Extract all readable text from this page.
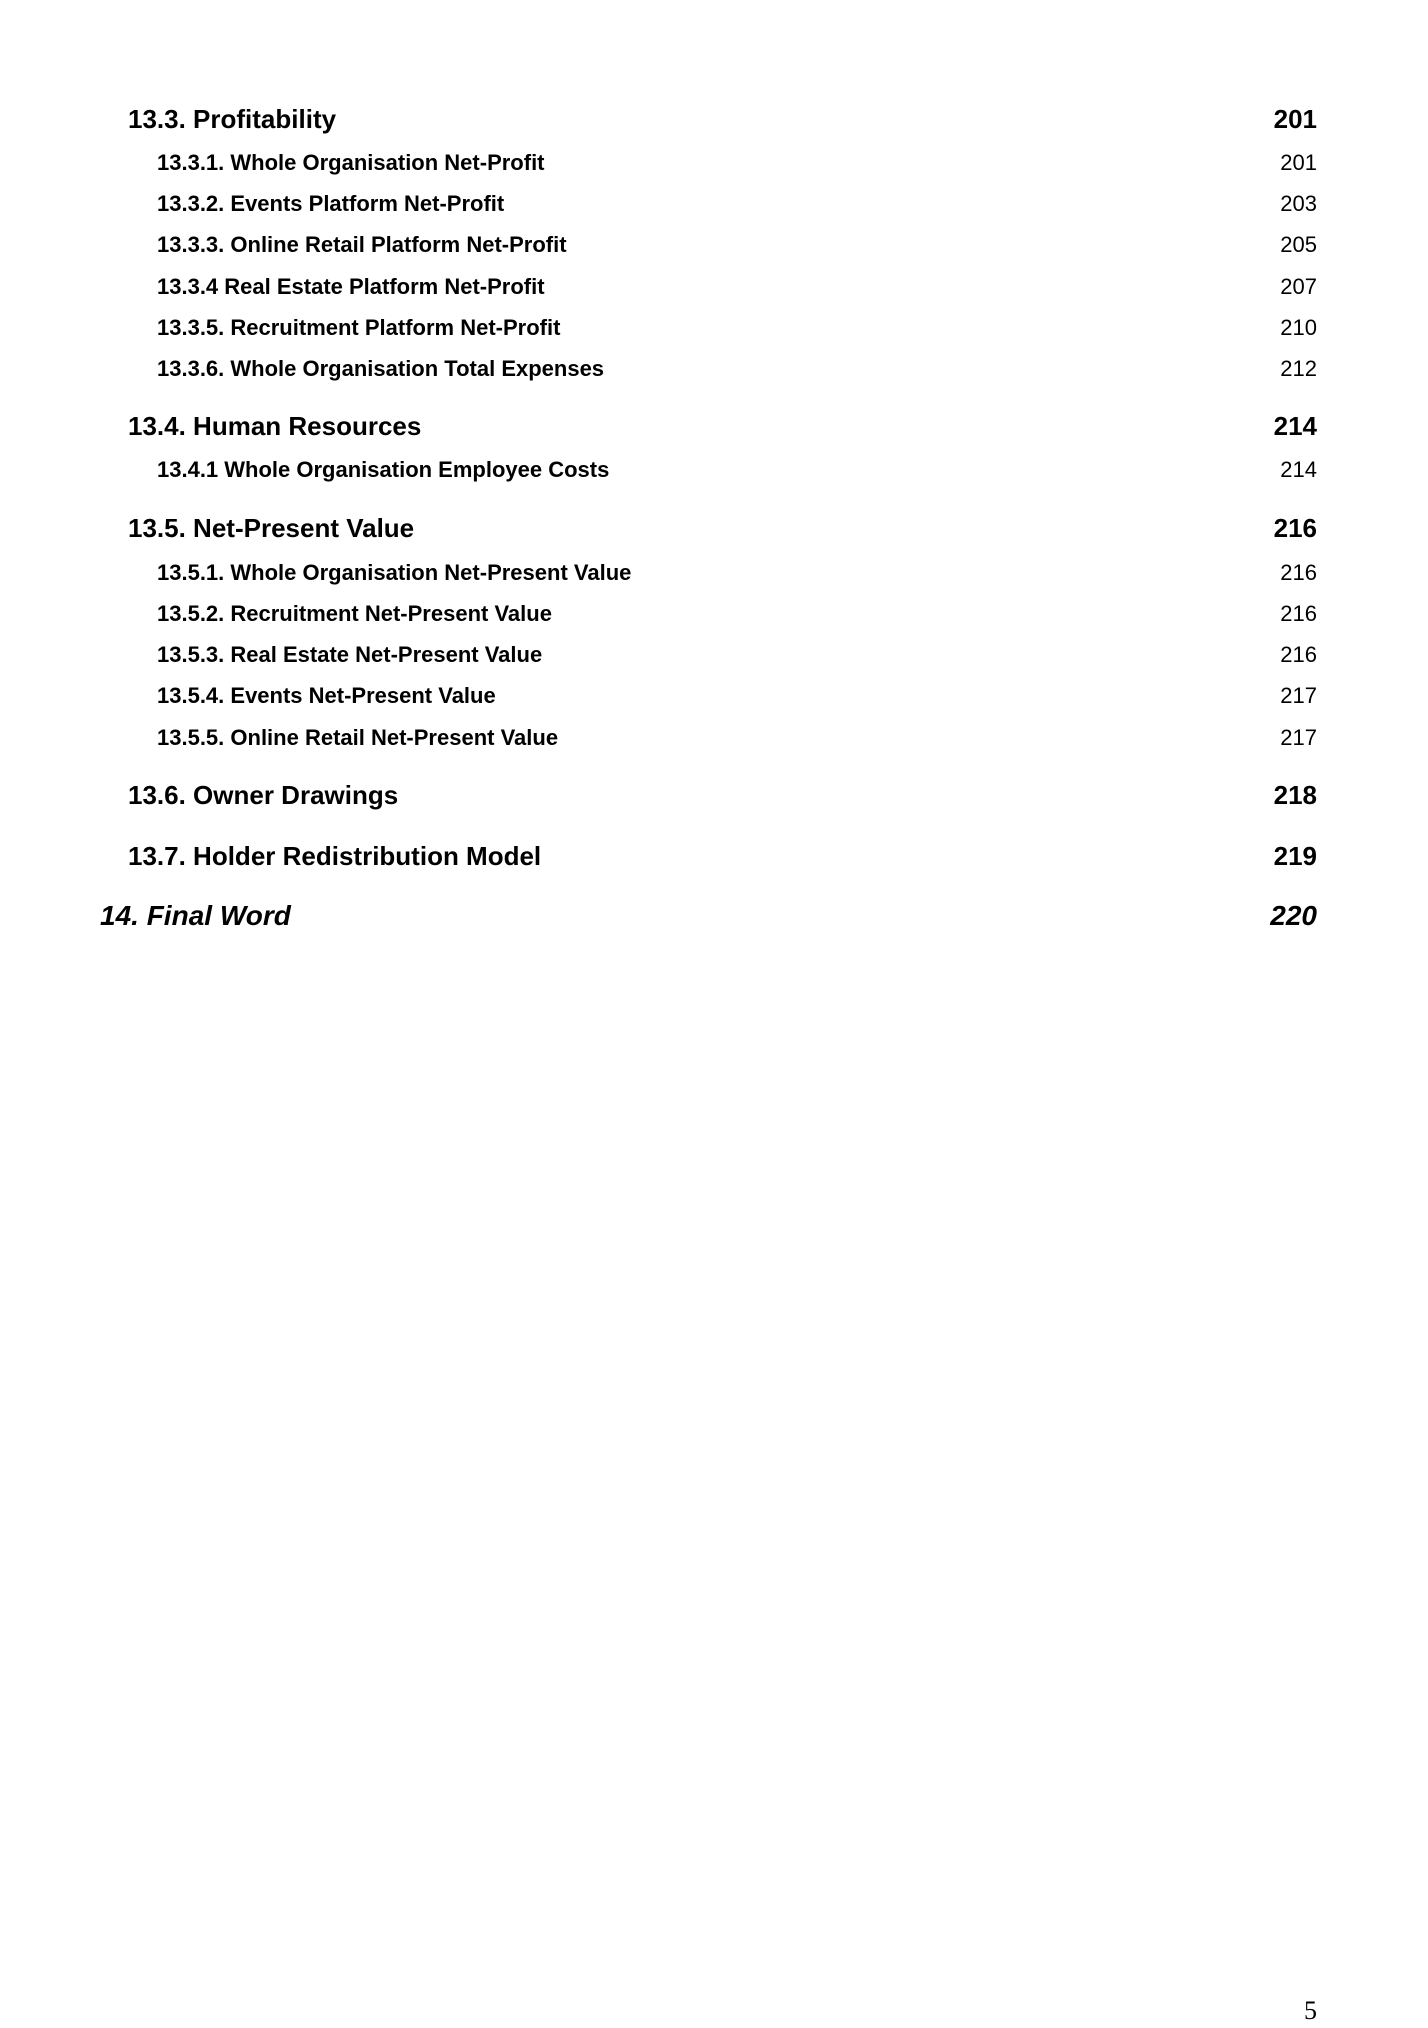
13.3. Profitability	201
13.3.1. Whole Organisation Net-Profit	201
13.3.2. Events Platform Net-Profit	203
13.3.3. Online Retail Platform Net-Profit	205
13.3.4 Real Estate Platform Net-Profit	207
13.3.5. Recruitment Platform Net-Profit	210
13.3.6. Whole Organisation Total Expenses	212
13.4. Human Resources	214
13.4.1 Whole Organisation Employee Costs	214
13.5. Net-Present Value	216
13.5.1. Whole Organisation Net-Present Value	216
13.5.2. Recruitment Net-Present Value	216
13.5.3. Real Estate Net-Present Value	216
13.5.4. Events Net-Present Value	217
13.5.5. Online Retail Net-Present Value	217
13.6. Owner Drawings	218
13.7. Holder Redistribution Model	219
14. Final Word	220
5
